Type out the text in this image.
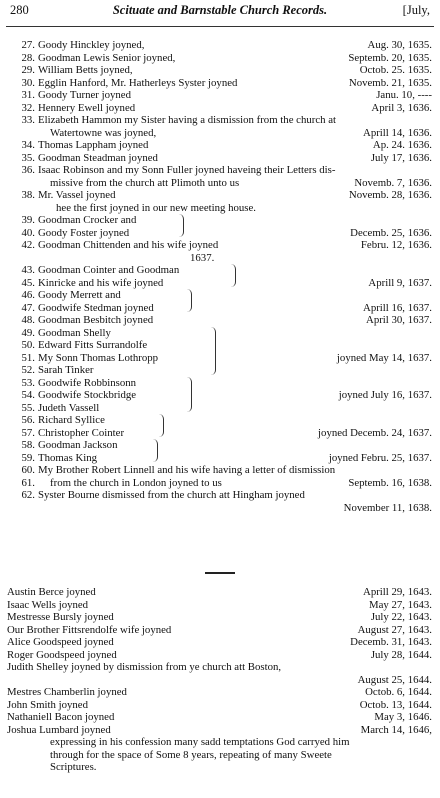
280	Scituate and Barnstable Church Records.	[July,
27. Goody Hinckley joyned,	Aug. 30, 1635.
28. Goodman Lewis Senior joyned,	Septemb. 20, 1635.
29. William Betts joyned,	Octob. 25. 1635.
30. Egglin Hanford, Mr. Hatherleys Syster joyned	Novemb. 21, 1635.
31. Goody Turner joyned	Janu. 10, ----
32. Hennery Ewell joyned	April 3, 1636.
33. Elizabeth Hammon my Sister having a dismission from the church at
Watertowne was joyned,	Aprill 14, 1636.
34. Thomas Lappham joyned	Ap. 24. 1636.
35. Goodman Steadman joyned	July 17, 1636.
36. Isaac Robinson and my Sonn Fuller joyned haveing their Letters dis-
missive from the church att Plimoth unto us	Novemb. 7, 1636.
38. Mr. Vassel joyned	Novemb. 28, 1636.
hee the first joyned in our new meeting house.
39. Goodman Crocker and
40. Goody Foster joyned	Decemb. 25, 1636.
42. Goodman Chittenden and his wife joyned	Febru. 12, 1636.
1637.
43. Goodman Cointer and Goodman
45. Kinricke and his wife joyned	Aprill 9, 1637.
46. Goody Merrett and
47. Goodwife Stedman joyned	Aprill 16, 1637.
48. Goodman Besbitch joyned	April 30, 1637.
49. Goodman Shelly
50. Edward Fitts Surrandolfe
51. My Sonn Thomas Lothropp	joyned May 14, 1637.
52. Sarah Tinker
53. Goodwife Robbinsonn
54. Goodwife Stockbridge	joyned July 16, 1637.
55. Judeth Vassell
56. Richard Syllice
57. Christopher Cointer	joyned Decemb. 24, 1637.
58. Goodman Jackson
59. Thomas King	joyned Febru. 25, 1637.
60. My Brother Robert Linnell and his wife having a letter of dismission
61. from the church in London joyned to us	Septemb. 16, 1638.
62. Syster Bourne dismissed from the church att Hingham joyned
November 11, 1638.
Austin Berce joyned	Aprill 29, 1643.
Isaac Wells joyned	May 27, 1643.
Mestresse Bursly joyned	July 22, 1643.
Our Brother Fittsrendolfe wife joyned	August 27, 1643.
Alice Goodspeed joyned	Decemb. 31, 1643.
Roger Goodspeed joyned	July 28, 1644.
Judith Shelley joyned by dismission from ye church att Boston,
August 25, 1644.
Mestres Chamberlin joyned	Octob. 6, 1644.
John Smith joyned	Octob. 13, 1644.
Nathaniell Bacon joyned	May 3, 1646.
Joshua Lumbard joyned	March 14, 1646,
expressing in his confession many sadd temptations God carryed him
through for the space of Some 8 years, repeating of many Sweete
Scriptures.
